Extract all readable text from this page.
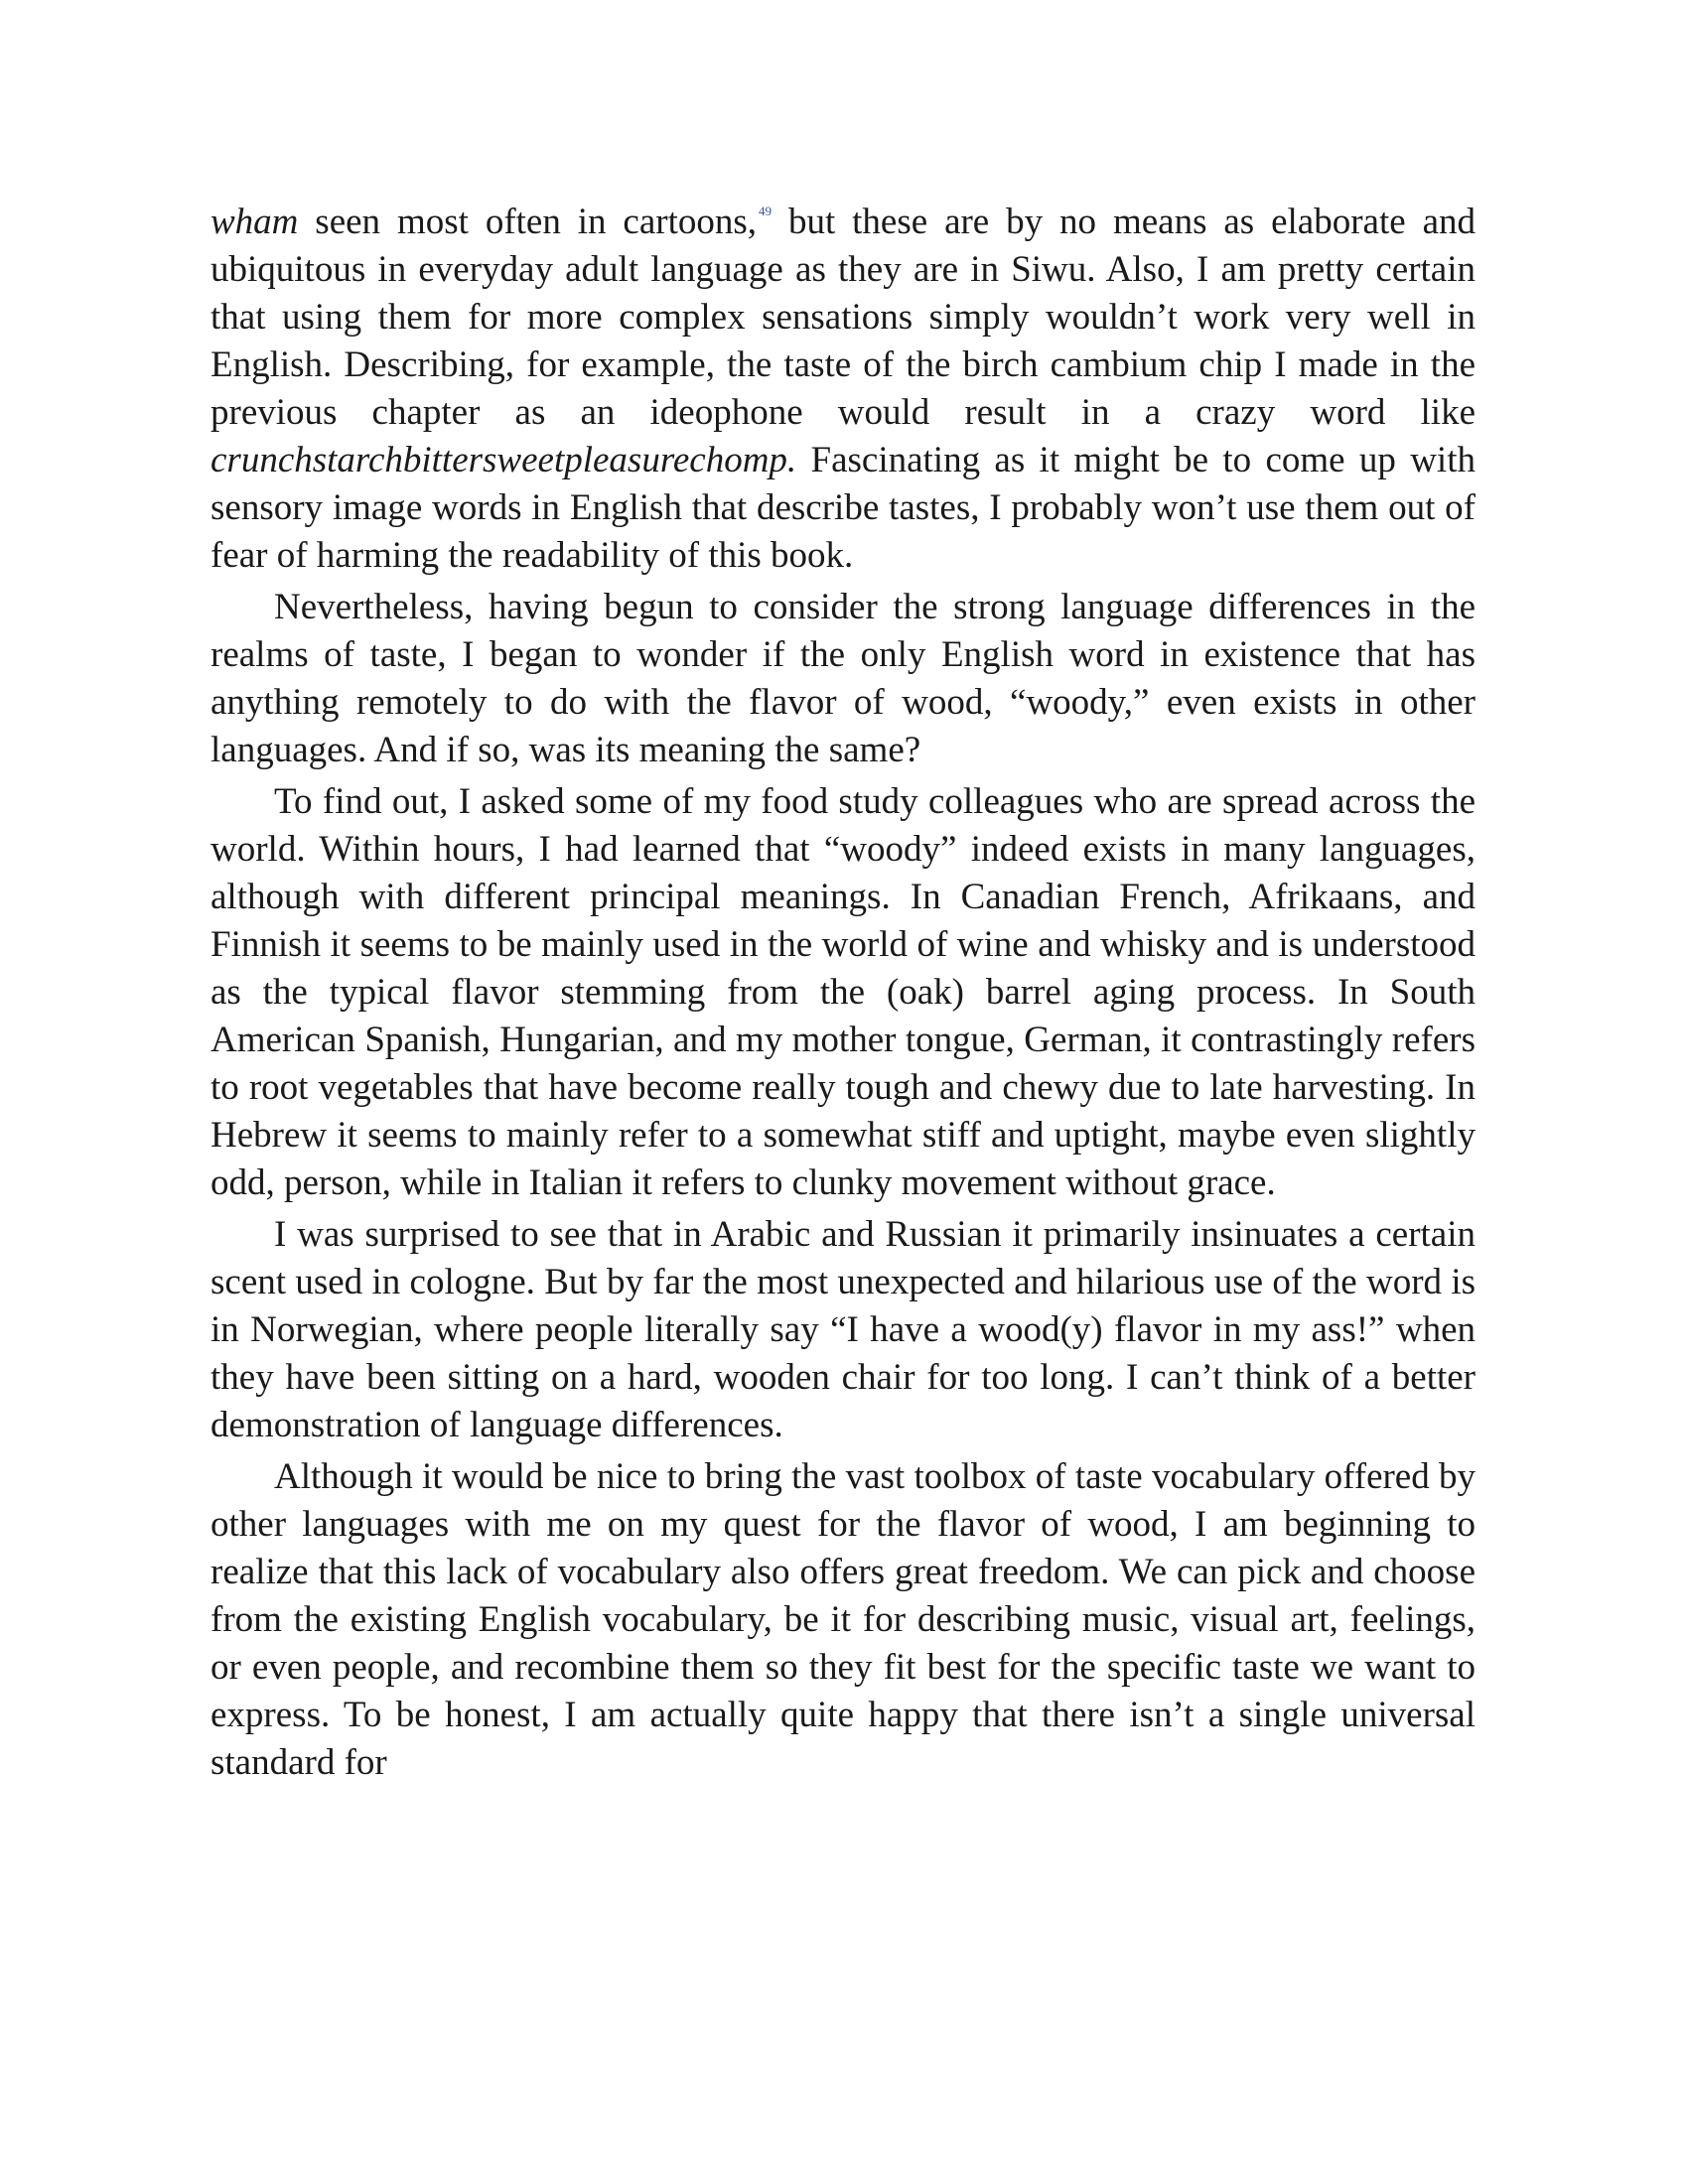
wham seen most often in cartoons, $^{49}$ but these are by no means as elaborate and ubiquitous in everyday adult language as they are in Siwu. Also, I am pretty certain that using them for more complex sensations simply wouldn’t work very well in English. Describing, for example, the taste of the birch cambium chip I made in the previous chapter as an ideophone would result in a crazy word like crunchstarchbittersweetpleasurechomp. Fascinating as it might be to come up with sensory image words in English that describe tastes, I probably won’t use them out of fear of harming the readability of this book.

Nevertheless, having begun to consider the strong language differences in the realms of taste, I began to wonder if the only English word in existence that has anything remotely to do with the flavor of wood, “woody,” even exists in other languages. And if so, was its meaning the same?

To find out, I asked some of my food study colleagues who are spread across the world. Within hours, I had learned that “woody” indeed exists in many languages, although with different principal meanings. In Canadian French, Afrikaans, and Finnish it seems to be mainly used in the world of wine and whisky and is understood as the typical flavor stemming from the (oak) barrel aging process. In South American Spanish, Hungarian, and my mother tongue, German, it contrastingly refers to root vegetables that have become really tough and chewy due to late harvesting. In Hebrew it seems to mainly refer to a somewhat stiff and uptight, maybe even slightly odd, person, while in Italian it refers to clunky movement without grace.

I was surprised to see that in Arabic and Russian it primarily insinuates a certain scent used in cologne. But by far the most unexpected and hilarious use of the word is in Norwegian, where people literally say “I have a wood(y) flavor in my ass!” when they have been sitting on a hard, wooden chair for too long. I can’t think of a better demonstration of language differences.

Although it would be nice to bring the vast toolbox of taste vocabulary offered by other languages with me on my quest for the flavor of wood, I am beginning to realize that this lack of vocabulary also offers great freedom. We can pick and choose from the existing English vocabulary, be it for describing music, visual art, feelings, or even people, and recombine them so they fit best for the specific taste we want to express. To be honest, I am actually quite happy that there isn’t a single universal standard for
